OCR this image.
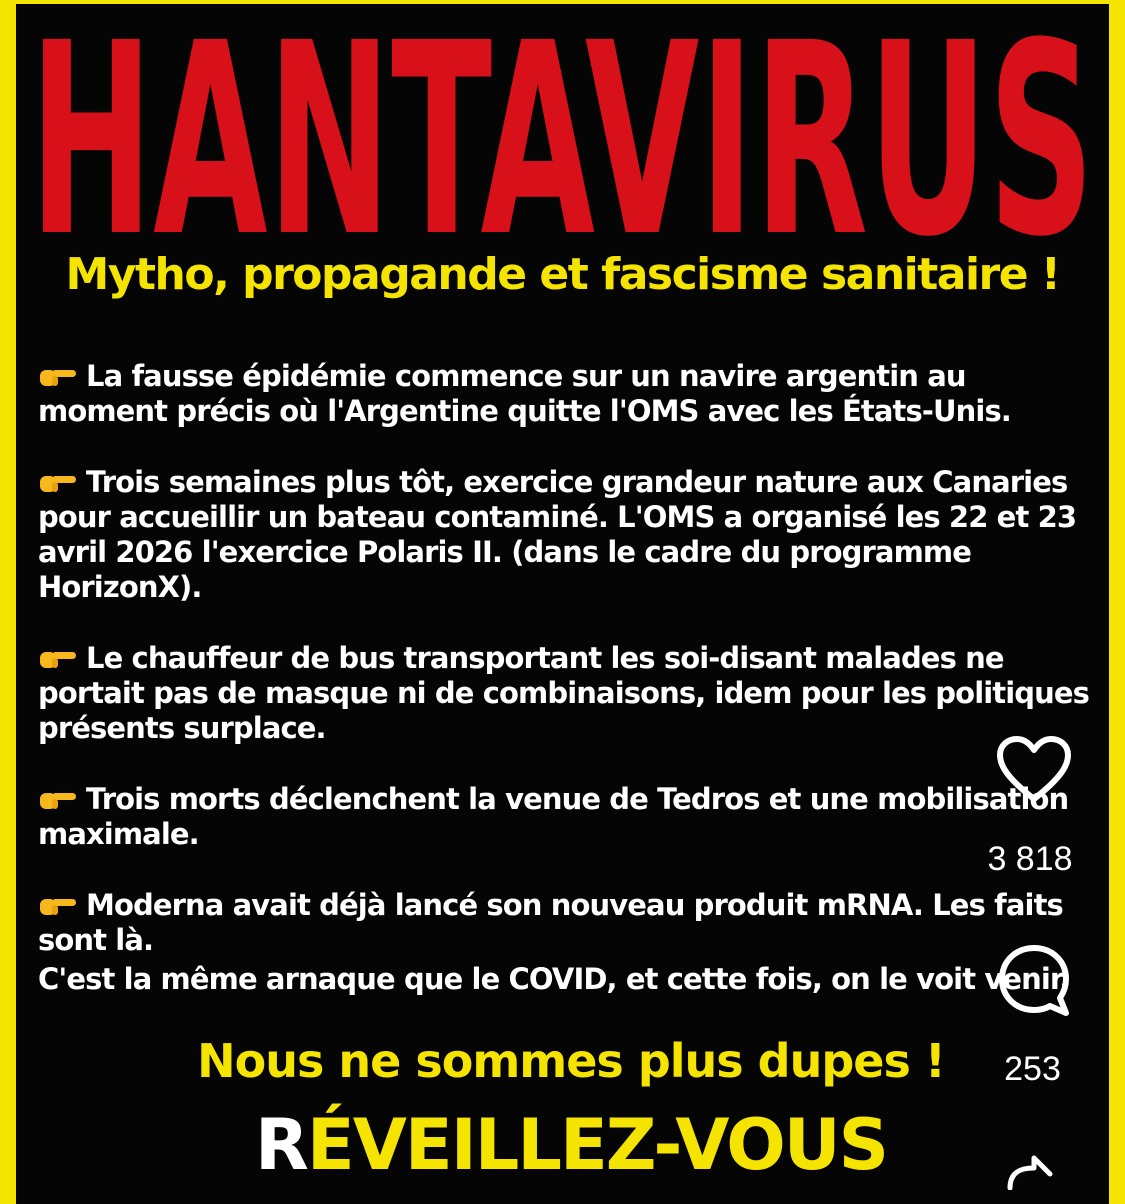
HANTAVIRUS
Mytho, propagande et fascisme sanitaire !
La fausse épidémie commence sur un navire argentin au moment précis où l'Argentine quitte l'OMS avec les États-Unis.
Trois semaines plus tôt, exercice grandeur nature aux Canaries pour accueillir un bateau contaminé. L'OMS a organisé les 22 et 23 avril 2026 l'exercice Polaris II. (dans le cadre du programme HorizonX).
Le chauffeur de bus transportant les soi-disant malades ne portait pas de masque ni de combinaisons, idem pour les politiques présents surplace.
Trois morts déclenchent la venue de Tedros et une mobilisation maximale.
Moderna avait déjà lancé son nouveau produit mRNA. Les faits sont là.
C'est la même arnaque que le COVID, et cette fois, on le voit venir.
Nous ne sommes plus dupes !
RÉVEILLEZ-VOUS
3 818
253
